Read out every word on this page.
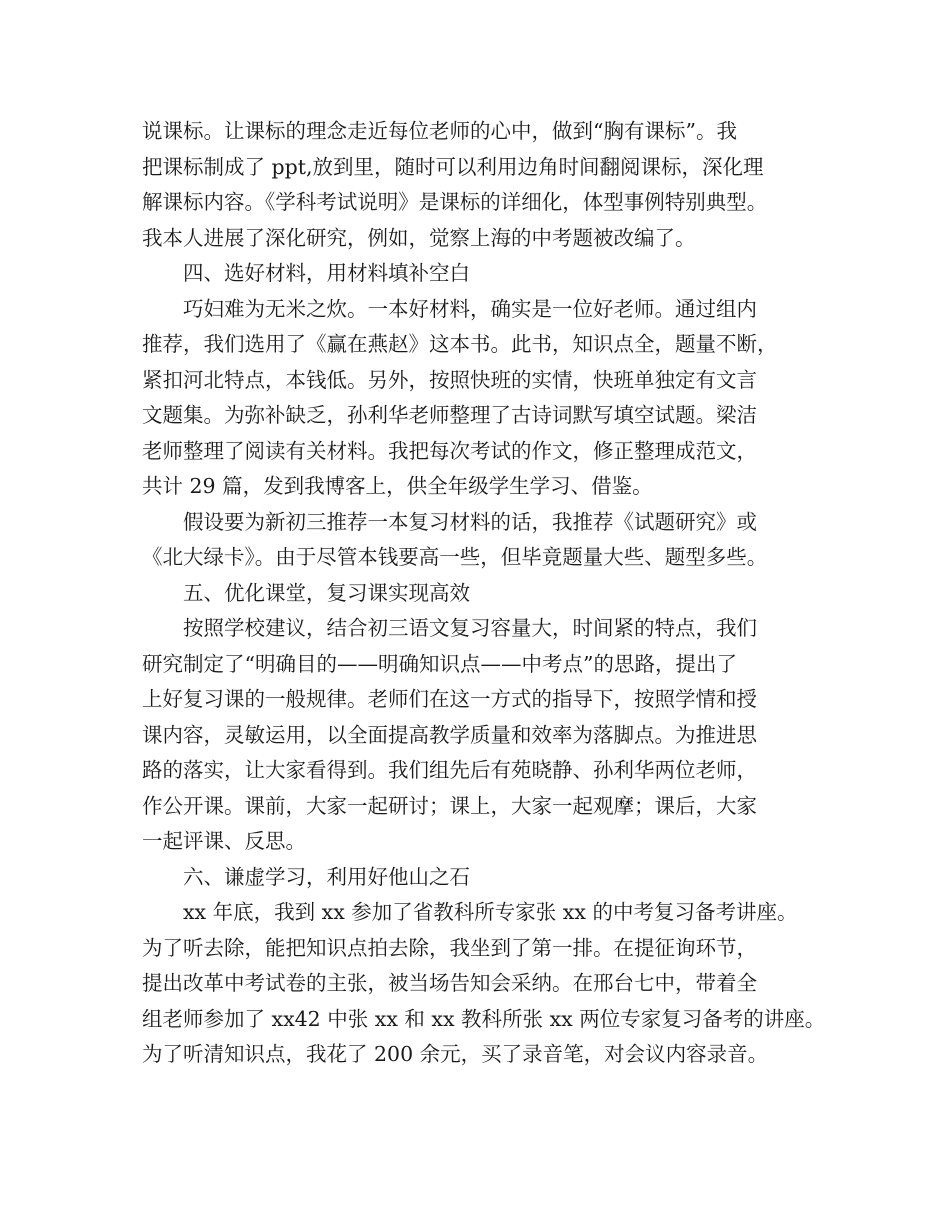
说课标。让课标的理念走近每位老师的心中，做到“胸有课标”。我
把课标制成了 ppt,放到里，随时可以利用边角时间翻阅课标，深化理
解课标内容。《学科考试说明》是课标的详细化，体型事例特别典型。
我本人进展了深化研究，例如，觉察上海的中考题被改编了。
四、选好材料，用材料填补空白
巧妇难为无米之炊。一本好材料，确实是一位好老师。通过组内
推荐，我们选用了《赢在燕赵》这本书。此书，知识点全，题量不断，
紧扣河北特点，本钱低。另外，按照快班的实情，快班单独定有文言
文题集。为弥补缺乏，孙利华老师整理了古诗词默写填空试题。梁洁
老师整理了阅读有关材料。我把每次考试的作文，修正整理成范文，
共计 29 篇，发到我博客上，供全年级学生学习、借鉴。
假设要为新初三推荐一本复习材料的话，我推荐《试题研究》或
《北大绿卡》。由于尽管本钱要高一些，但毕竟题量大些、题型多些。
五、优化课堂，复习课实现高效
按照学校建议，结合初三语文复习容量大，时间紧的特点，我们
研究制定了“明确目的——明确知识点——中考点”的思路，提出了
上好复习课的一般规律。老师们在这一方式的指导下，按照学情和授
课内容，灵敏运用，以全面提高教学质量和效率为落脚点。为推进思
路的落实，让大家看得到。我们组先后有苑晓静、孙利华两位老师，
作公开课。课前，大家一起研讨；课上，大家一起观摩；课后，大家
一起评课、反思。
六、谦虚学习，利用好他山之石
xx 年底，我到 xx 参加了省教科所专家张 xx 的中考复习备考讲座。
为了听去除，能把知识点拍去除，我坐到了第一排。在提征询环节，
提出改革中考试卷的主张，被当场告知会采纳。在邢台七中，带着全
组老师参加了 xx42 中张 xx 和 xx 教科所张 xx 两位专家复习备考的讲座。
为了听清知识点，我花了 200 余元，买了录音笔，对会议内容录音。
